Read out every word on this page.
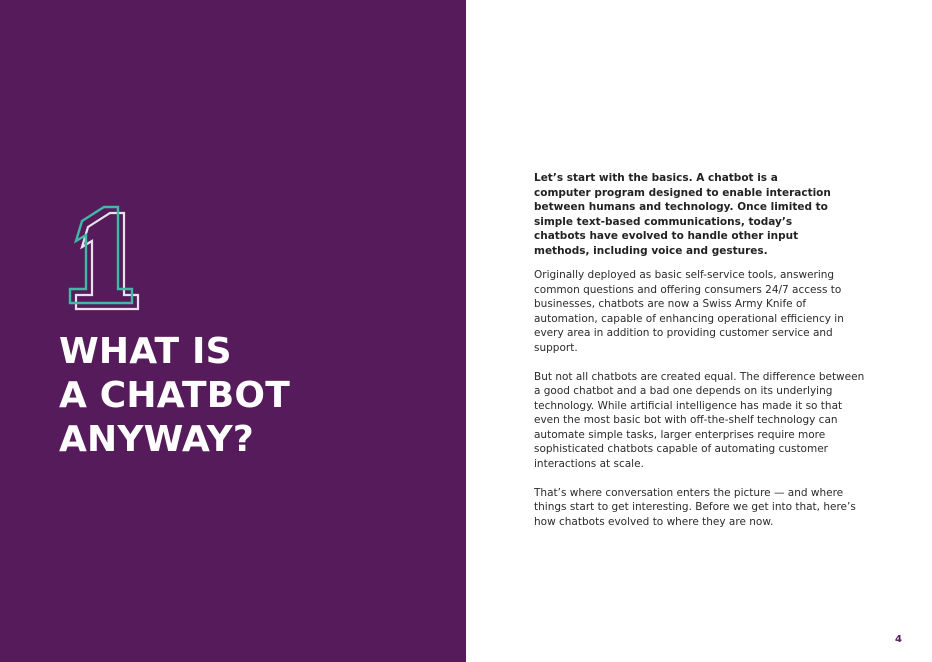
1
WHAT IS
A CHATBOT
ANYWAY?

Let’s start with the basics. A chatbot is a computer program designed to enable interaction between humans and technology. Once limited to simple text-based communications, today’s chatbots have evolved to handle other input methods, including voice and gestures.

Originally deployed as basic self-service tools, answering common questions and offering consumers 24/7 access to businesses, chatbots are now a Swiss Army Knife of automation, capable of enhancing operational efficiency in every area in addition to providing customer service and support.

But not all chatbots are created equal. The difference between a good chatbot and a bad one depends on its underlying technology. While artificial intelligence has made it so that even the most basic bot with off-the-shelf technology can automate simple tasks, larger enterprises require more sophisticated chatbots capable of automating customer interactions at scale.

That’s where conversation enters the picture — and where things start to get interesting. Before we get into that, here’s how chatbots evolved to where they are now.

4
